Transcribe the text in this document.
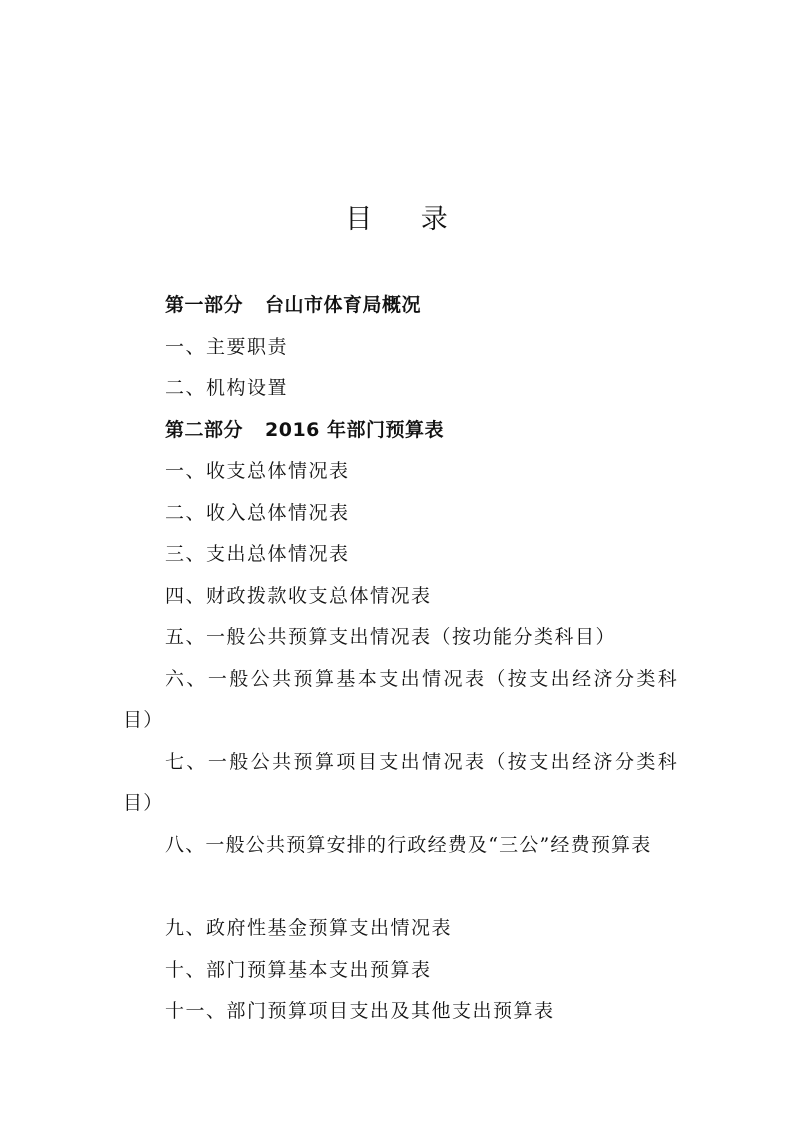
目 录
第一部分 台山市体育局概况
一、主要职责
二、机构设置
第二部分 2016 年部门预算表
一、收支总体情况表
二、收入总体情况表
三、支出总体情况表
四、财政拨款收支总体情况表
五、一般公共预算支出情况表（按功能分类科目）
六、一般公共预算基本支出情况表（按支出经济分类科目）
七、一般公共预算项目支出情况表（按支出经济分类科目）
八、一般公共预算安排的行政经费及“三公”经费预算表
九、政府性基金预算支出情况表
十、部门预算基本支出预算表
十一、部门预算项目支出及其他支出预算表
